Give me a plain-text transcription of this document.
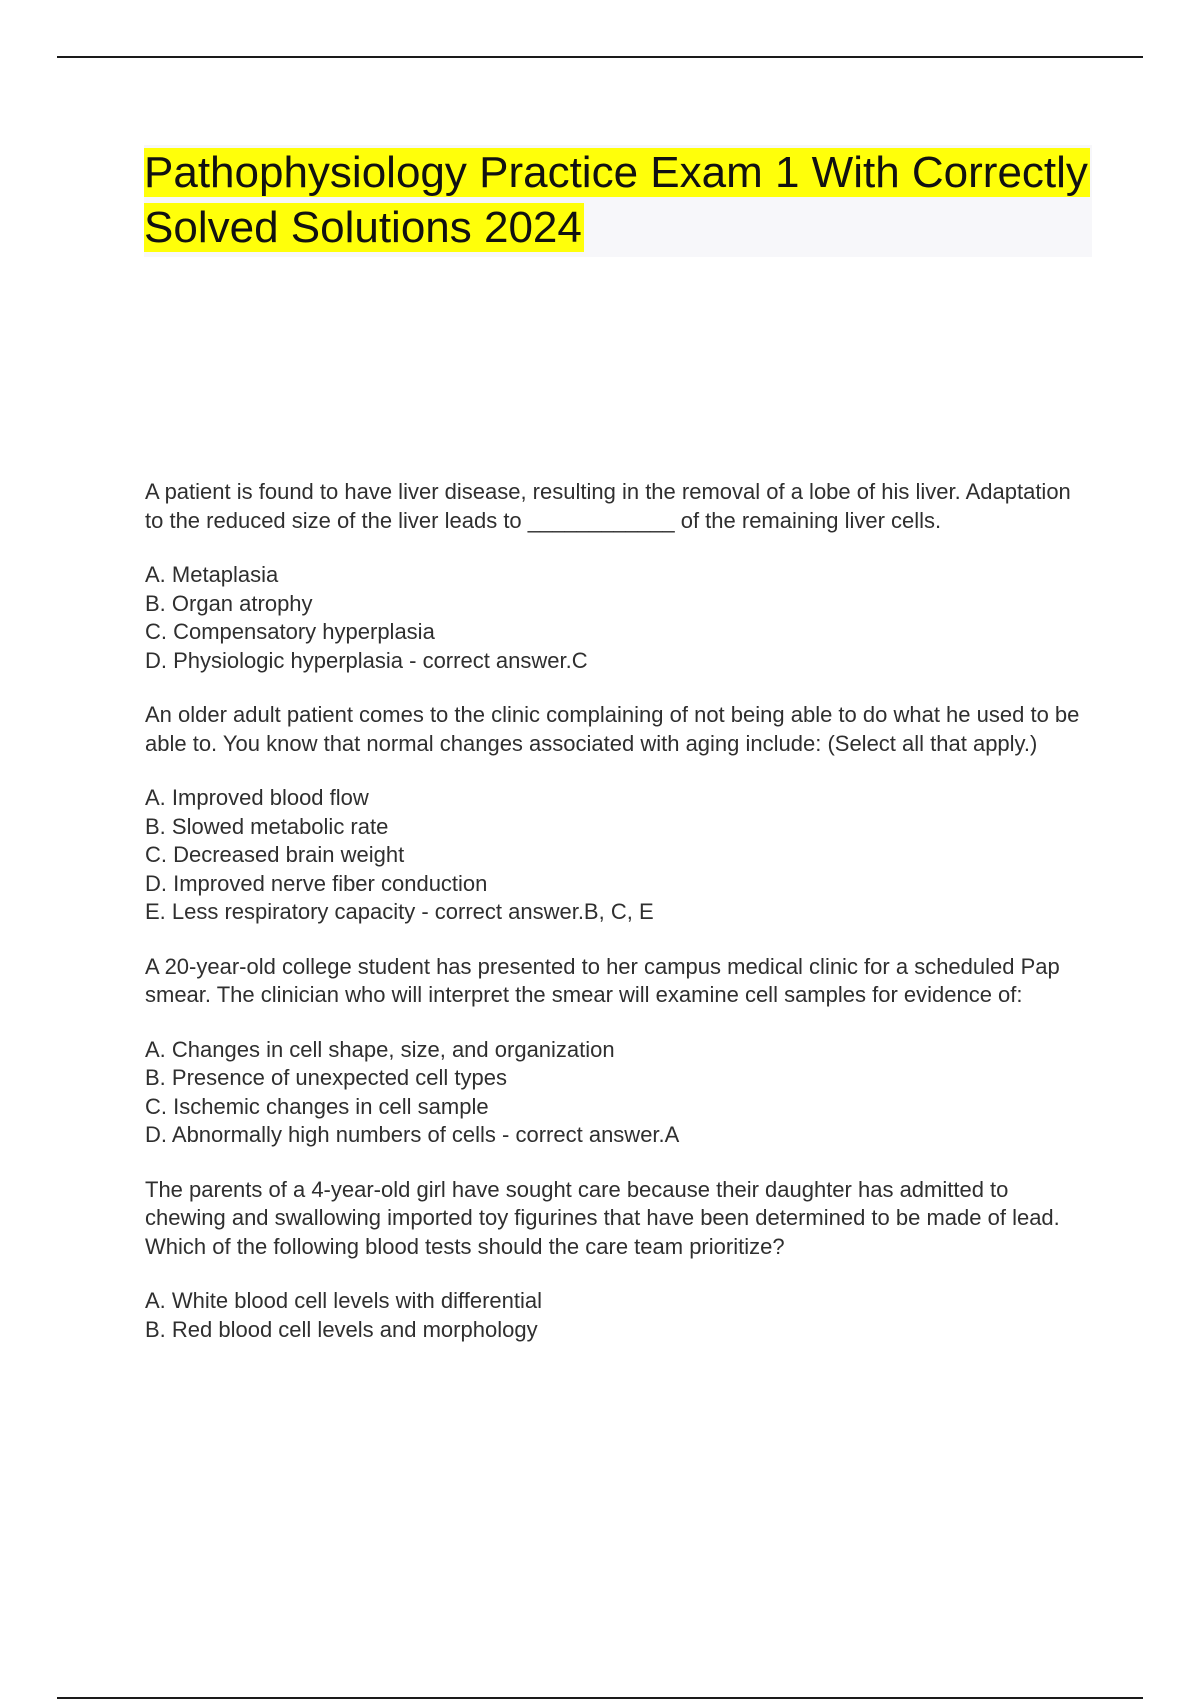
Pathophysiology Practice Exam 1 With Correctly Solved Solutions 2024

A patient is found to have liver disease, resulting in the removal of a lobe of his liver. Adaptation to the reduced size of the liver leads to ____________ of the remaining liver cells.

A. Metaplasia
B. Organ atrophy
C. Compensatory hyperplasia
D. Physiologic hyperplasia - correct answer.C

An older adult patient comes to the clinic complaining of not being able to do what he used to be able to. You know that normal changes associated with aging include: (Select all that apply.)

A. Improved blood flow
B. Slowed metabolic rate
C. Decreased brain weight
D. Improved nerve fiber conduction
E. Less respiratory capacity - correct answer.B, C, E

A 20-year-old college student has presented to her campus medical clinic for a scheduled Pap smear. The clinician who will interpret the smear will examine cell samples for evidence of:

A. Changes in cell shape, size, and organization
B. Presence of unexpected cell types
C. Ischemic changes in cell sample
D. Abnormally high numbers of cells - correct answer.A

The parents of a 4-year-old girl have sought care because their daughter has admitted to chewing and swallowing imported toy figurines that have been determined to be made of lead. Which of the following blood tests should the care team prioritize?

A. White blood cell levels with differential
B. Red blood cell levels and morphology
